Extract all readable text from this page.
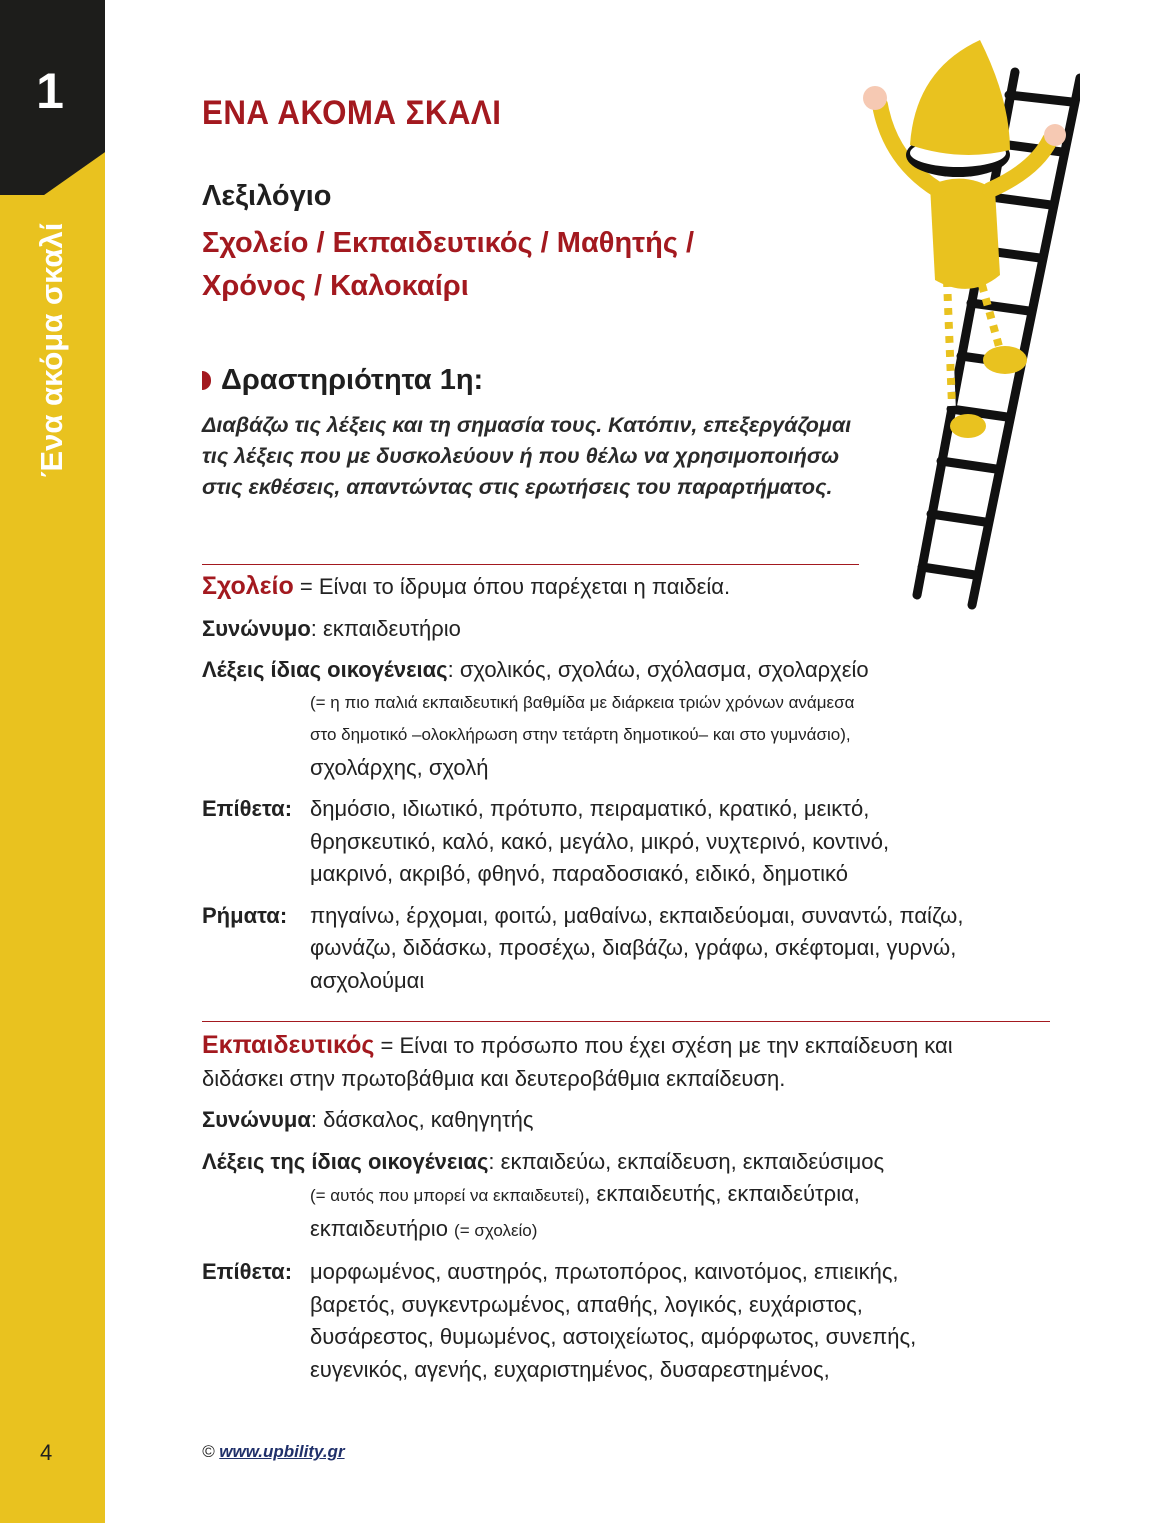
1
Ένα ακόμα σκαλί
ΕΝΑ ΑΚΟΜΑ ΣΚΑΛΙ
Λεξιλόγιο
Σχολείο / Εκπαιδευτικός / Μαθητής /
Χρόνος / Καλοκαίρι
Δραστηριότητα 1η:
Διαβάζω τις λέξεις και τη σημασία τους. Κατόπιν, επεξεργάζομαι τις λέξεις που με δυσκολεύουν ή που θέλω να χρησιμοποιήσω στις εκθέσεις, απαντώντας στις ερωτήσεις του παραρτήματος.

Σχολείο = Είναι το ίδρυμα όπου παρέχεται η παιδεία.

Συνώνυμο: εκπαιδευτήριο

Λέξεις ίδιας οικογένειας: σχολικός, σχολάω, σχόλασμα, σχολαρχείο

(= η πιο παλιά εκπαιδευτική βαθμίδα με διάρκεια τριών χρόνων ανάμεσα

στο δημοτικό –ολοκλήρωση στην τετάρτη δημοτικού– και στο γυμνάσιο),

σχολάρχης, σχολή

Επίθετα: δημόσιο, ιδιωτικό, πρότυπο, πειραματικό, κρατικό, μεικτό,
θρησκευτικό, καλό, κακό, μεγάλο, μικρό, νυχτερινό, κοντινό,
μακρινό, ακριβό, φθηνό, παραδοσιακό, ειδικό, δημοτικό
Ρήματα:	πηγαίνω, έρχομαι, φοιτώ, μαθαίνω, εκπαιδεύομαι, συναντώ, παίζω,
φωνάζω, διδάσκω, προσέχω, διαβάζω, γράφω, σκέφτομαι, γυρνώ,
ασχολούμαι

Εκπαιδευτικός = Είναι το πρόσωπο που έχει σχέση με την εκπαίδευση και

διδάσκει στην πρωτοβάθμια και δευτεροβάθμια εκπαίδευση.

Συνώνυμα: δάσκαλος, καθηγητής

Λέξεις της ίδιας οικογένειας: εκπαιδεύω, εκπαίδευση, εκπαιδεύσιμος

(= αυτός που μπορεί να εκπαιδευτεί), εκπαιδευτής, εκπαιδεύτρια,

εκπαιδευτήριο (= σχολείο)

Επίθετα: μορφωμένος, αυστηρός, πρωτοπόρος, καινοτόμος, επιεικής,
βαρετός, συγκεντρωμένος, απαθής, λογικός, ευχάριστος,
δυσάρεστος, θυμωμένος, αστοιχείωτος, αμόρφωτος, συνεπής,
ευγενικός, αγενής, ευχαριστημένος, δυσαρεστημένος,
4	© www.upbility.gr
